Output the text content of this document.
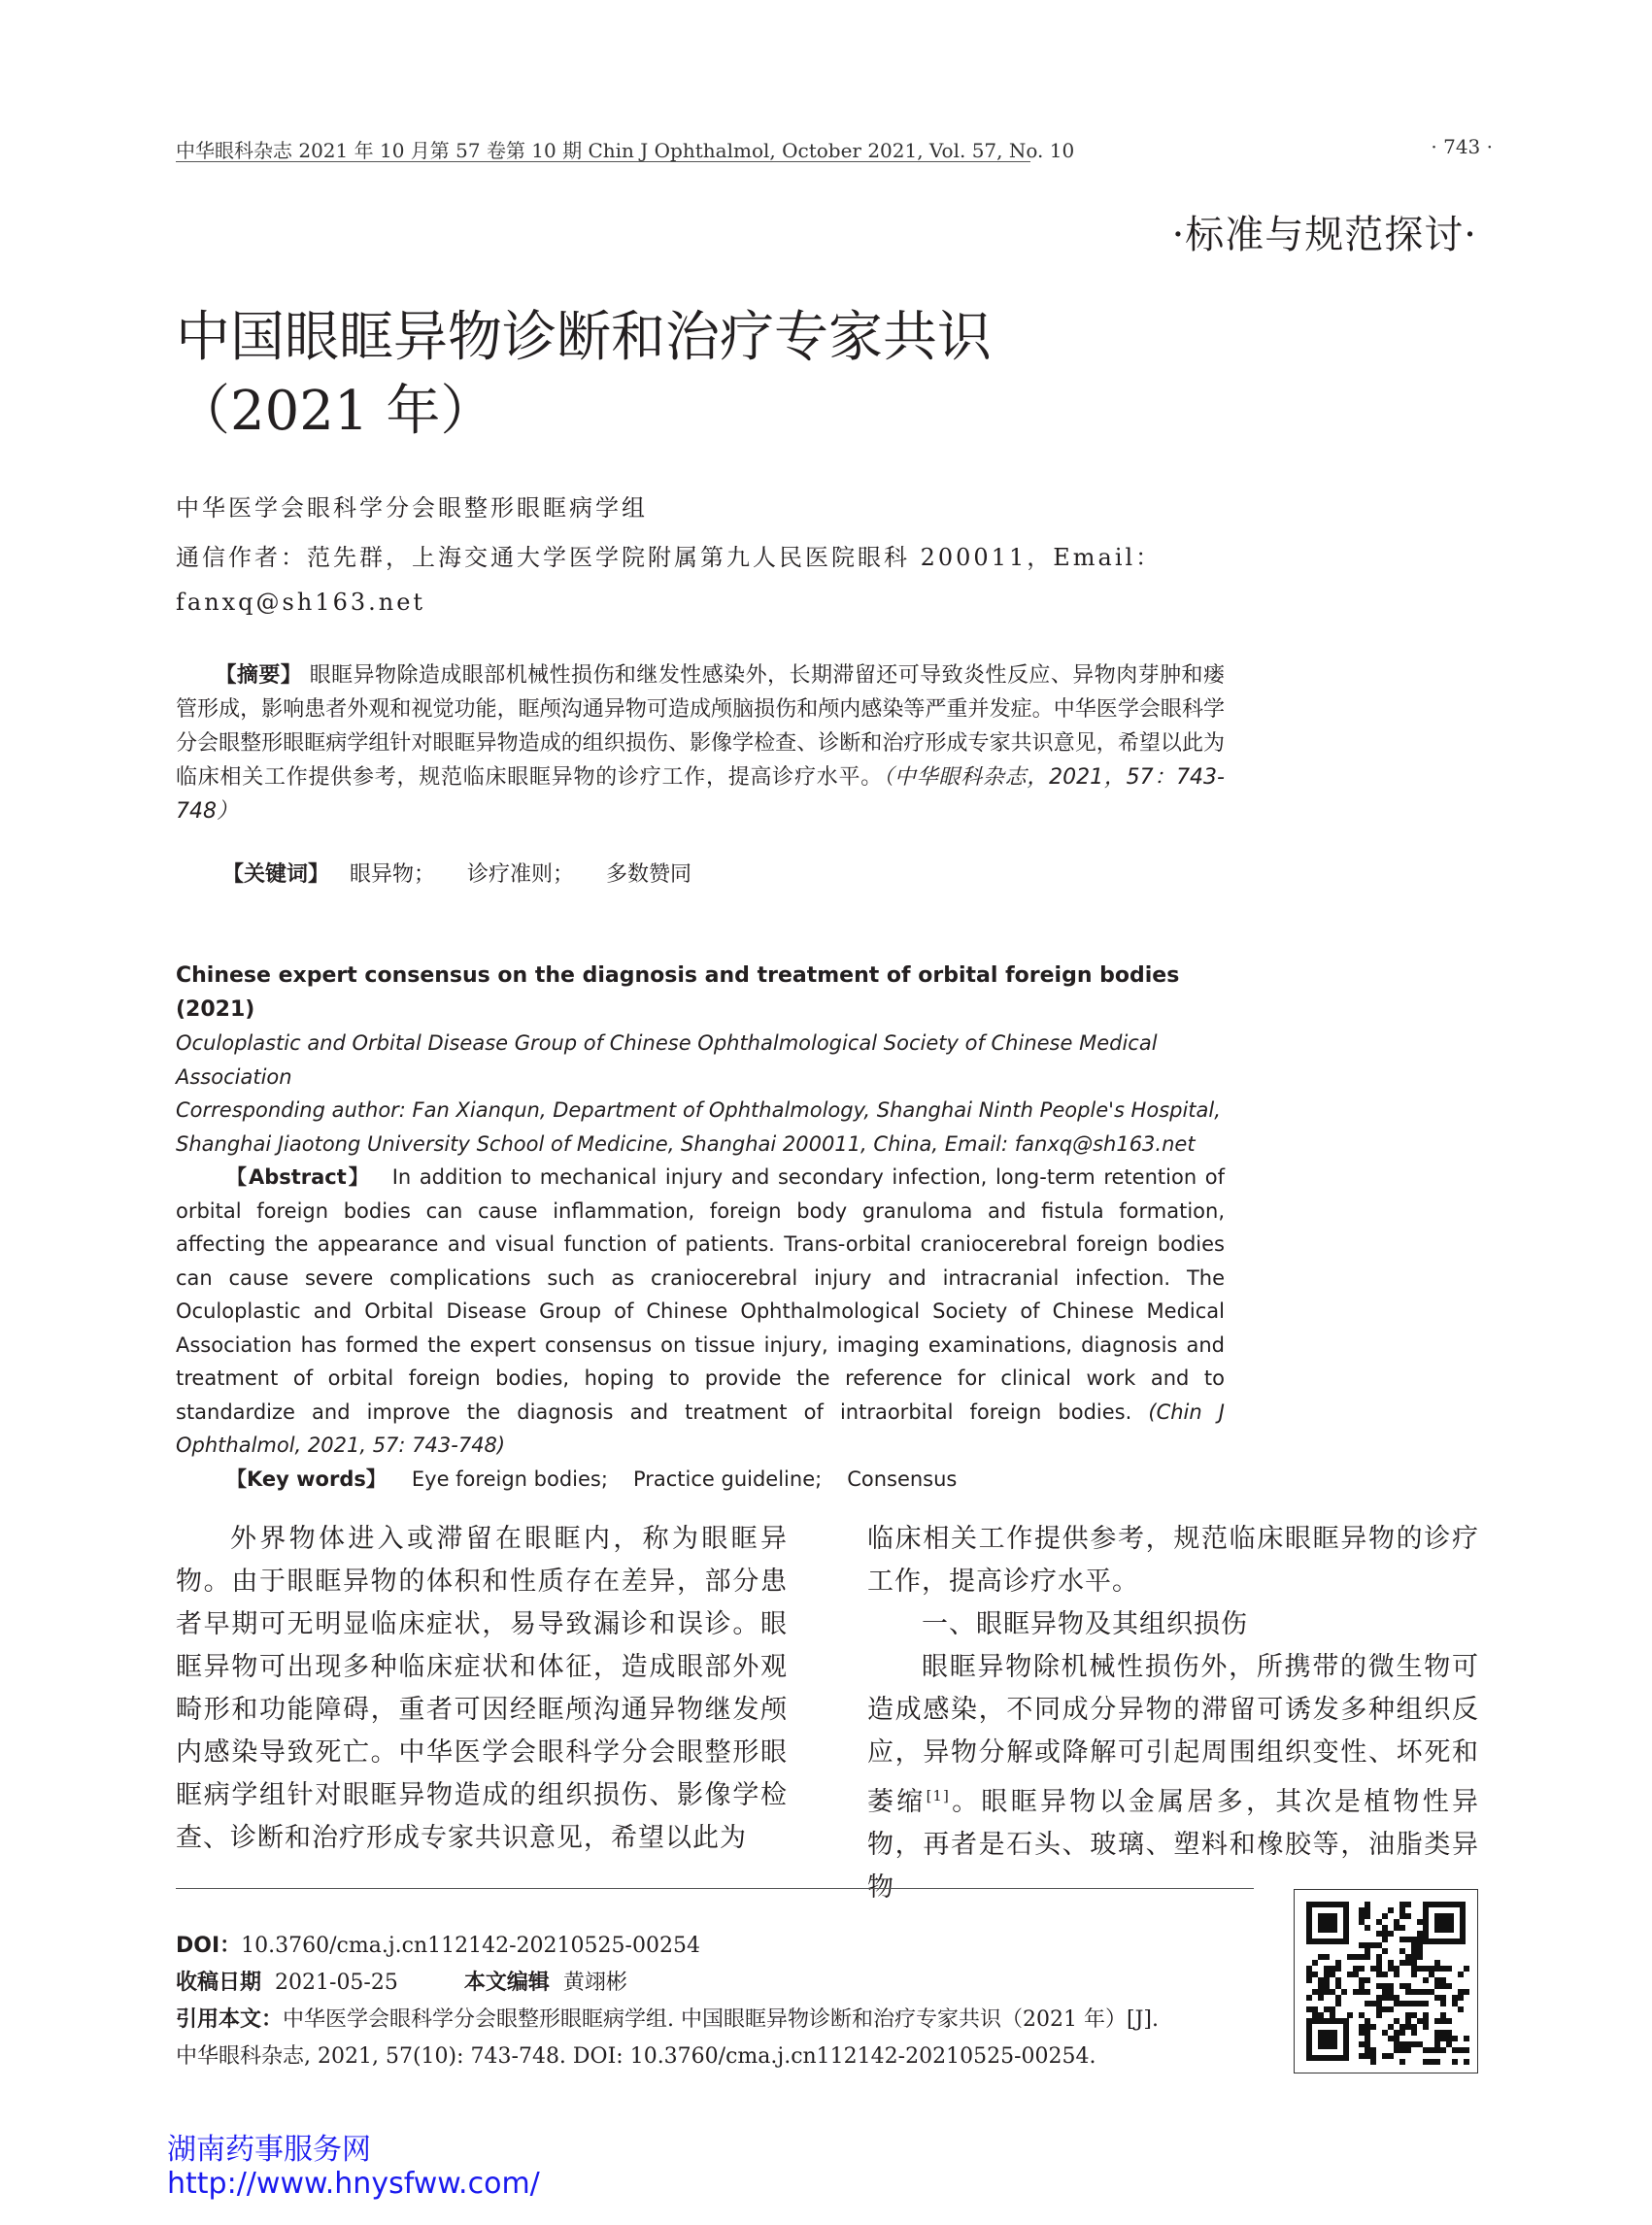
中华眼科杂志 2021 年 10 月第 57 卷第 10 期 Chin J Ophthalmol, October 2021, Vol. 57, No. 10	· 743 ·
·标准与规范探讨·
中国眼眶异物诊断和治疗专家共识
（2021 年）
中华医学会眼科学分会眼整形眼眶病学组
通信作者：范先群，上海交通大学医学院附属第九人民医院眼科 200011，Email：
fanxq@sh163.net
【摘要】 眼眶异物除造成眼部机械性损伤和继发性感染外，长期滞留还可导致炎性反应、异物肉芽肿和瘘管形成，影响患者外观和视觉功能，眶颅沟通异物可造成颅脑损伤和颅内感染等严重并发症。中华医学会眼科学分会眼整形眼眶病学组针对眼眶异物造成的组织损伤、影像学检查、诊断和治疗形成专家共识意见，希望以此为临床相关工作提供参考，规范临床眼眶异物的诊疗工作，提高诊疗水平。（中华眼科杂志，2021，57：743-748）
【关键词】 眼异物； 诊疗准则； 多数赞同
Chinese expert consensus on the diagnosis and treatment of orbital foreign bodies (2021)
Oculoplastic and Orbital Disease Group of Chinese Ophthalmological Society of Chinese Medical Association
Corresponding author: Fan Xianqun, Department of Ophthalmology, Shanghai Ninth People's Hospital, Shanghai Jiaotong University School of Medicine, Shanghai 200011, China, Email: fanxq@sh163.net
【Abstract】 In addition to mechanical injury and secondary infection, long-term retention of orbital foreign bodies can cause inflammation, foreign body granuloma and fistula formation, affecting the appearance and visual function of patients. Trans-orbital craniocerebral foreign bodies can cause severe complications such as craniocerebral injury and intracranial infection. The Oculoplastic and Orbital Disease Group of Chinese Ophthalmological Society of Chinese Medical Association has formed the expert consensus on tissue injury, imaging examinations, diagnosis and treatment of orbital foreign bodies, hoping to provide the reference for clinical work and to standardize and improve the diagnosis and treatment of intraorbital foreign bodies. (Chin J Ophthalmol, 2021, 57: 743-748)
【Key words】 Eye foreign bodies; Practice guideline; Consensus

外界物体进入或滞留在眼眶内，称为眼眶异物。由于眼眶异物的体积和性质存在差异，部分患者早期可无明显临床症状，易导致漏诊和误诊。眼眶异物可出现多种临床症状和体征，造成眼部外观畸形和功能障碍，重者可因经眶颅沟通异物继发颅内感染导致死亡。中华医学会眼科学分会眼整形眼眶病学组针对眼眶异物造成的组织损伤、影像学检查、诊断和治疗形成专家共识意见，希望以此为

临床相关工作提供参考，规范临床眼眶异物的诊疗工作，提高诊疗水平。

一、眼眶异物及其组织损伤

眼眶异物除机械性损伤外，所携带的微生物可造成感染，不同成分异物的滞留可诱发多种组织反应，异物分解或降解可引起周围组织变性、坏死和萎缩[1]。眼眶异物以金属居多，其次是植物性异物，再者是石头、玻璃、塑料和橡胶等，油脂类异物

DOI：10.3760/cma.j.cn112142-20210525-00254
收稿日期 2021-05-25	本文编辑 黄翊彬
引用本文：中华医学会眼科学分会眼整形眼眶病学组. 中国眼眶异物诊断和治疗专家共识（2021 年）[J].
中华眼科杂志, 2021, 57(10): 743-748. DOI: 10.3760/cma.j.cn112142-20210525-00254.
湖南药事服务网
http://www.hnysfww.com/
